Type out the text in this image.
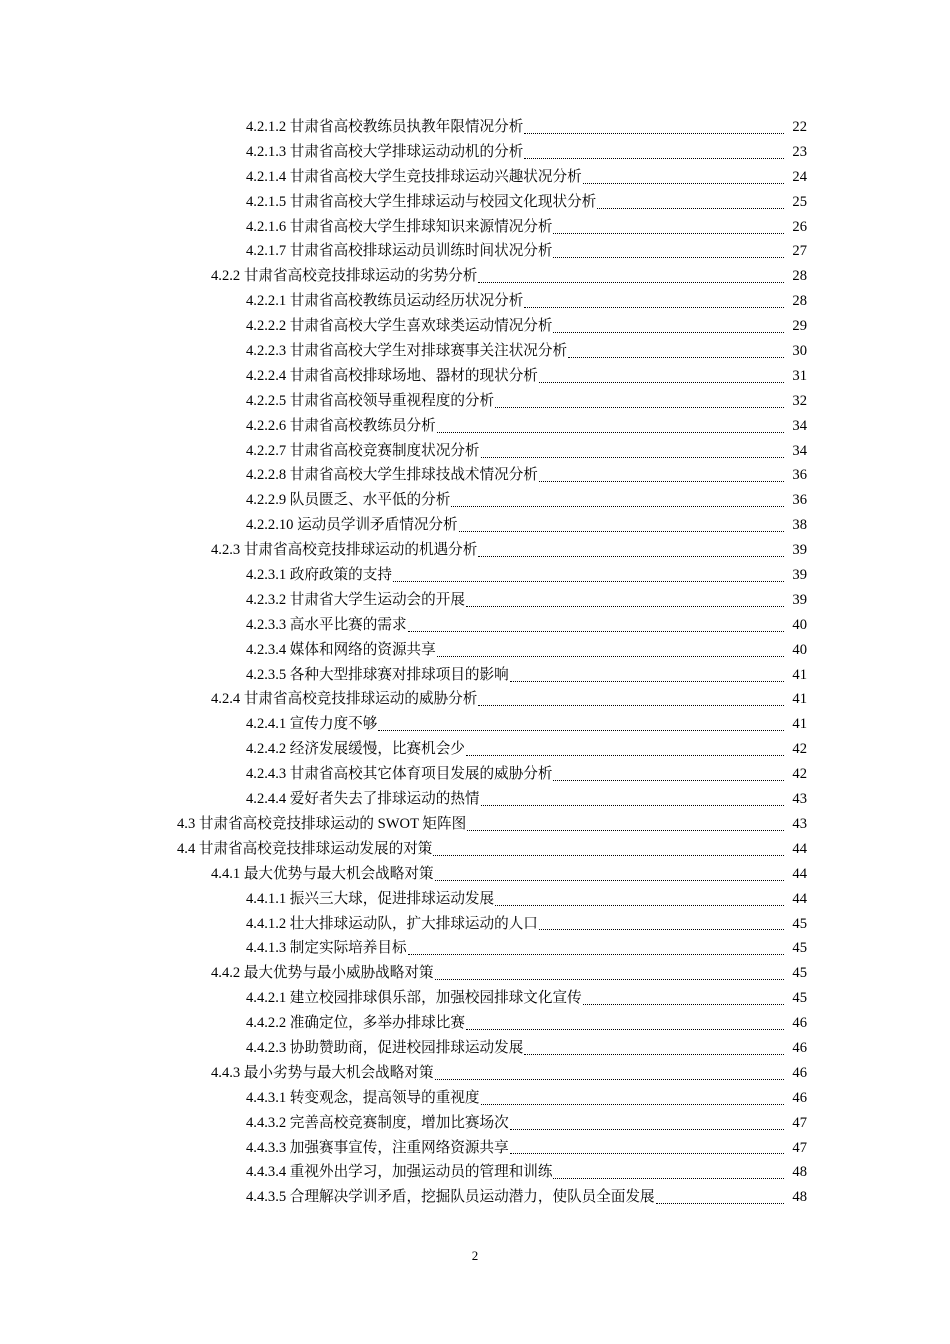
4.2.1.2 甘肃省高校教练员执教年限情况分析	22
4.2.1.3 甘肃省高校大学排球运动动机的分析	23
4.2.1.4 甘肃省高校大学生竞技排球运动兴趣状况分析	24
4.2.1.5 甘肃省高校大学生排球运动与校园文化现状分析	25
4.2.1.6 甘肃省高校大学生排球知识来源情况分析	26
4.2.1.7 甘肃省高校排球运动员训练时间状况分析	27
4.2.2 甘肃省高校竞技排球运动的劣势分析	28
4.2.2.1 甘肃省高校教练员运动经历状况分析	28
4.2.2.2 甘肃省高校大学生喜欢球类运动情况分析	29
4.2.2.3 甘肃省高校大学生对排球赛事关注状况分析	30
4.2.2.4 甘肃省高校排球场地、器材的现状分析	31
4.2.2.5 甘肃省高校领导重视程度的分析	32
4.2.2.6 甘肃省高校教练员分析	34
4.2.2.7 甘肃省高校竞赛制度状况分析	34
4.2.2.8 甘肃省高校大学生排球技战术情况分析	36
4.2.2.9 队员匮乏、水平低的分析	36
4.2.2.10 运动员学训矛盾情况分析	38
4.2.3 甘肃省高校竞技排球运动的机遇分析	39
4.2.3.1 政府政策的支持	39
4.2.3.2 甘肃省大学生运动会的开展	39
4.2.3.3 高水平比赛的需求	40
4.2.3.4 媒体和网络的资源共享	40
4.2.3.5 各种大型排球赛对排球项目的影响	41
4.2.4 甘肃省高校竞技排球运动的威胁分析	41
4.2.4.1 宣传力度不够	41
4.2.4.2 经济发展缓慢，比赛机会少	42
4.2.4.3 甘肃省高校其它体育项目发展的威胁分析	42
4.2.4.4 爱好者失去了排球运动的热情	43
4.3 甘肃省高校竞技排球运动的 SWOT 矩阵图	43
4.4 甘肃省高校竞技排球运动发展的对策	44
4.4.1 最大优势与最大机会战略对策	44
4.4.1.1 振兴三大球，促进排球运动发展	44
4.4.1.2 壮大排球运动队，扩大排球运动的人口	45
4.4.1.3 制定实际培养目标	45
4.4.2 最大优势与最小威胁战略对策	45
4.4.2.1 建立校园排球俱乐部，加强校园排球文化宣传	45
4.4.2.2 准确定位，多举办排球比赛	46
4.4.2.3 协助赞助商，促进校园排球运动发展	46
4.4.3 最小劣势与最大机会战略对策	46
4.4.3.1 转变观念，提高领导的重视度	46
4.4.3.2 完善高校竞赛制度，增加比赛场次	47
4.4.3.3 加强赛事宣传，注重网络资源共享	47
4.4.3.4 重视外出学习，加强运动员的管理和训练	48
4.4.3.5 合理解决学训矛盾，挖掘队员运动潜力，使队员全面发展	48
2
